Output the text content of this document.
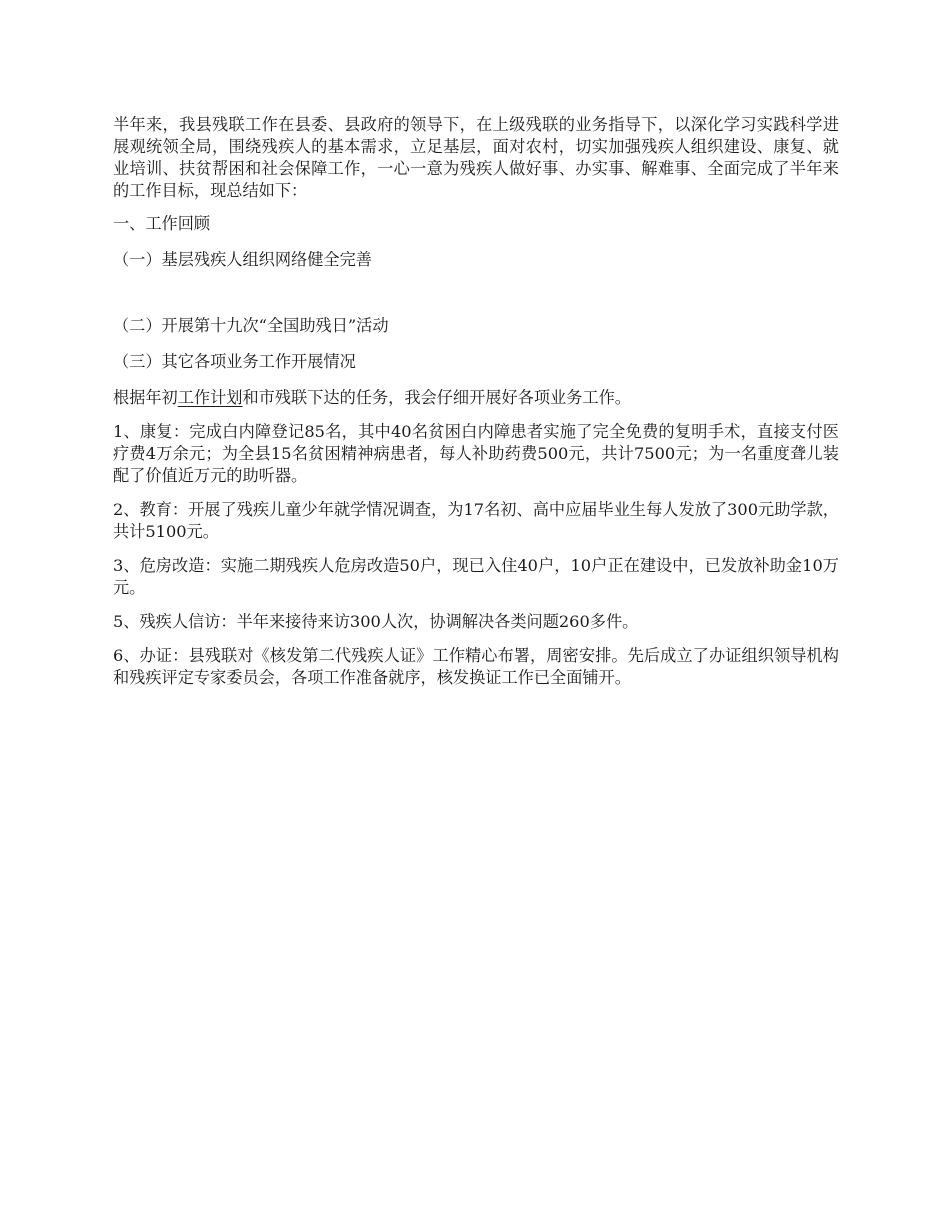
半年来，我县残联工作在县委、县政府的领导下，在上级残联的业务指导下，以深化学习实践科学进展观统领全局，围绕残疾人的基本需求，立足基层，面对农村，切实加强残疾人组织建设、康复、就业培训、扶贫帮困和社会保障工作，一心一意为残疾人做好事、办实事、解难事、全面完成了半年来的工作目标，现总结如下：

一、工作回顾

（一）基层残疾人组织网络健全完善

（二）开展第十九次“全国助残日”活动

（三）其它各项业务工作开展情况

根据年初工作计划和市残联下达的任务，我会仔细开展好各项业务工作。

1、康复：完成白内障登记85名，其中40名贫困白内障患者实施了完全免费的复明手术，直接支付医疗费4万余元；为全县15名贫困精神病患者，每人补助药费500元，共计7500元；为一名重度聋儿装配了价值近万元的助听器。

2、教育：开展了残疾儿童少年就学情况调查，为17名初、高中应届毕业生每人发放了300元助学款，共计5100元。

3、危房改造：实施二期残疾人危房改造50户，现已入住40户，10户正在建设中，已发放补助金10万元。

5、残疾人信访：半年来接待来访300人次，协调解决各类问题260多件。

6、办证：县残联对《核发第二代残疾人证》工作精心布署，周密安排。先后成立了办证组织领导机构和残疾评定专家委员会，各项工作准备就序，核发换证工作已全面铺开。
